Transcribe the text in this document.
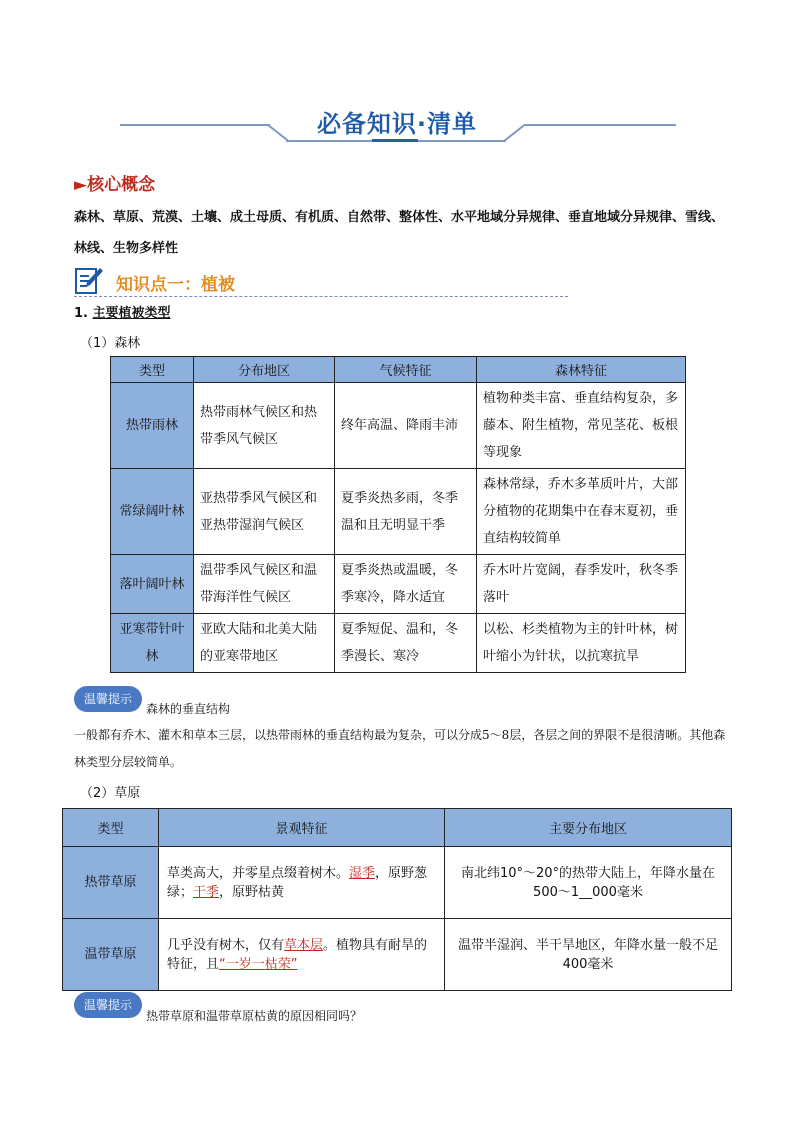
必备知识·清单
►核心概念
森林、草原、荒漠、土壤、成土母质、有机质、自然带、整体性、水平地域分异规律、垂直地域分异规律、雪线、林线、生物多样性
知识点一：植被
1. 主要植被类型
（1）森林
类型	分布地区	气候特征	森林特征
热带雨林	热带雨林气候区和热带季风气候区	终年高温、降雨丰沛	植物种类丰富、垂直结构复杂，多藤本、附生植物，常见茎花、板根等现象
常绿阔叶林	亚热带季风气候区和亚热带湿润气候区	夏季炎热多雨，冬季温和且无明显干季	森林常绿，乔木多革质叶片，大部分植物的花期集中在春末夏初，垂直结构较简单
落叶阔叶林	温带季风气候区和温带海洋性气候区	夏季炎热或温暖，冬季寒冷，降水适宜	乔木叶片宽阔，春季发叶，秋冬季落叶
亚寒带针叶林	亚欧大陆和北美大陆的亚寒带地区	夏季短促、温和，冬季漫长、寒冷	以松、杉类植物为主的针叶林，树叶缩小为针状，以抗寒抗旱
温馨提示
森林的垂直结构
一般都有乔木、灌木和草本三层，以热带雨林的垂直结构最为复杂，可以分成5～8层，各层之间的界限不是很清晰。其他森林类型分层较简单。
（2）草原
类型	景观特征	主要分布地区
热带草原	草类高大，并零星点缀着树木。湿季，原野葱绿；干季，原野枯黄	南北纬10°～20°的热带大陆上，年降水量在500～1__000毫米
温带草原	几乎没有树木，仅有草本层。植物具有耐旱的特征，且“一岁一枯荣”	温带半湿润、半干旱地区，年降水量一般不足400毫米
温馨提示
热带草原和温带草原枯黄的原因相同吗？
